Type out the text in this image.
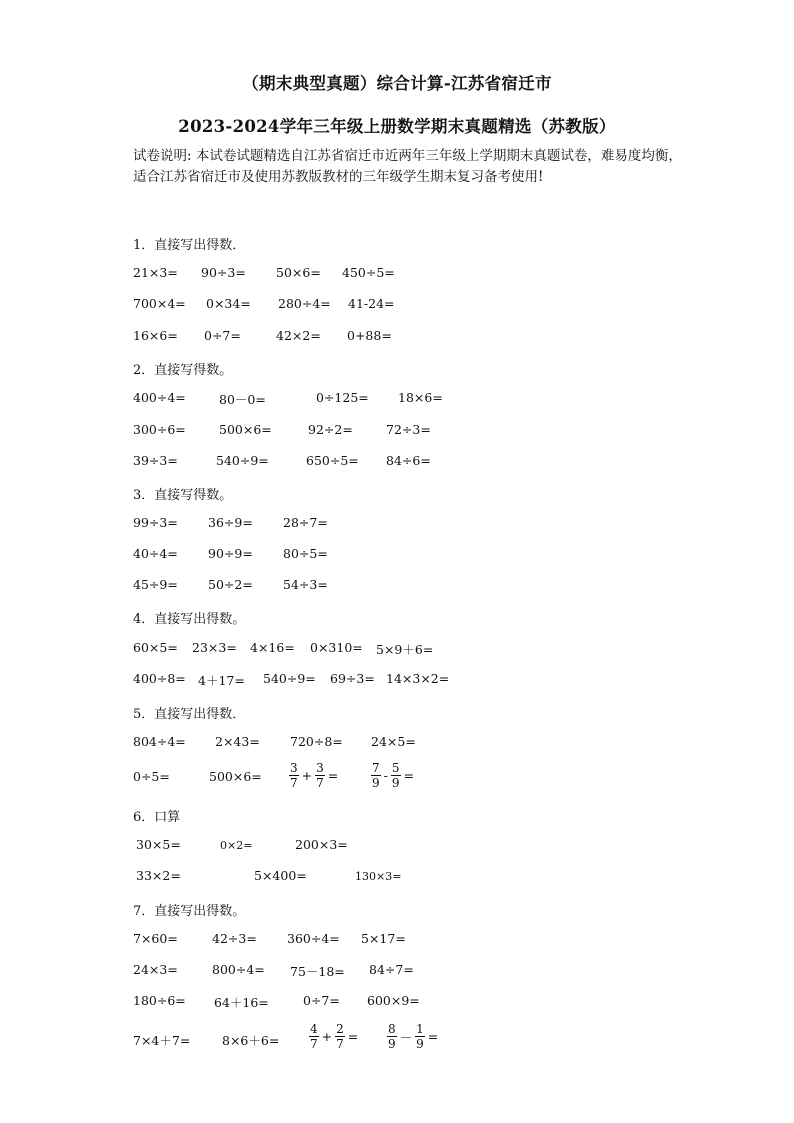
（期末典型真题）综合计算-江苏省宿迁市
2023-2024学年三年级上册数学期末真题精选（苏教版）
试卷说明: 本试卷试题精选自江苏省宿迁市近两年三年级上学期期末真题试卷，难易度均衡，适合江苏省宿迁市及使用苏教版教材的三年级学生期末复习备考使用!
1．直接写出得数．
21×3= 90÷3= 50×6= 450÷5=
700×4= 0×34= 280÷4= 41-24=
16×6= 0÷7=	42×2= 0+88=
2．直接写得数。
400÷4=	80－0=	0÷125= 18×6=
300÷6=	500×6=	92÷2=	72÷3=
39÷3=	540÷9=	650÷5= 84÷6=
3．直接写得数。
99÷3= 36÷9= 28÷7=
40÷4= 90÷9= 80÷5=
45÷9= 50÷2= 54÷3=
4．直接写出得数。
60×5= 23×3= 4×16= 0×310= 5×9＋6=
400÷8= 4＋17= 540÷9= 69÷3= 14×3×2=
5．直接写出得数．
804÷4= 2×43= 720÷8= 24×5=
0÷5=	$500\times 6= \frac{3}{7} + \frac{3}{7}$ =	$\frac{7}{9} - \frac{5}{9}$ =
6．口算
30×5=	0×2=	200×3=
33×2=	5×400=	130×3=
7．直接写出得数。
7×60=	42÷3= 360÷4= 5×17=
24×3=	800÷4= 75－18= 84÷7=
180÷6= 64＋16=	0÷7= 600×9=
7×4＋7=	$8\times 6+6= \frac{4}{7} + \frac{2}{7} = \frac{8}{9} - \frac{1}{9}$ =
